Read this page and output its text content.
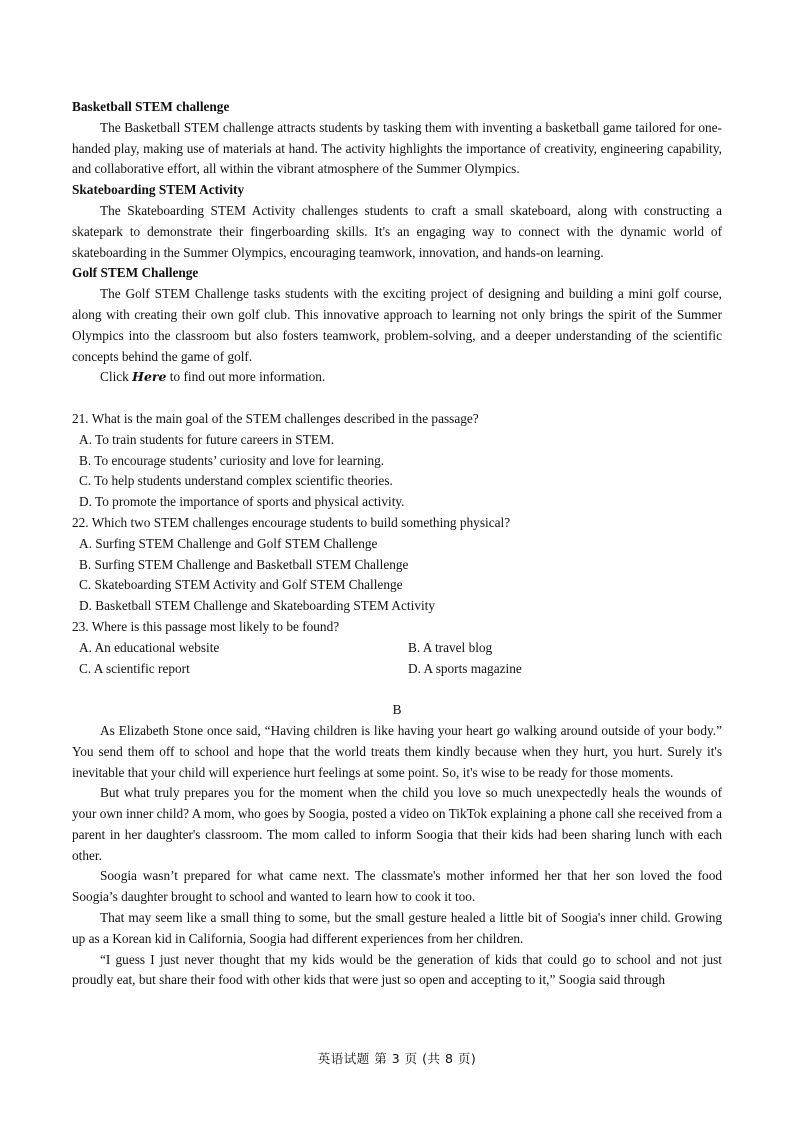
Basketball STEM challenge

The Basketball STEM challenge attracts students by tasking them with inventing a basketball game tailored for one-handed play, making use of materials at hand. The activity highlights the importance of creativity, engineering capability, and collaborative effort, all within the vibrant atmosphere of the Summer Olympics.

Skateboarding STEM Activity

The Skateboarding STEM Activity challenges students to craft a small skateboard, along with constructing a skatepark to demonstrate their fingerboarding skills. It's an engaging way to connect with the dynamic world of skateboarding in the Summer Olympics, encouraging teamwork, innovation, and hands-on learning.

Golf STEM Challenge

The Golf STEM Challenge tasks students with the exciting project of designing and building a mini golf course, along with creating their own golf club. This innovative approach to learning not only brings the spirit of the Summer Olympics into the classroom but also fosters teamwork, problem-solving, and a deeper understanding of the scientific concepts behind the game of golf.

Click Here to find out more information.

21. What is the main goal of the STEM challenges described in the passage?

A. To train students for future careers in STEM.

B. To encourage students’ curiosity and love for learning.

C. To help students understand complex scientific theories.

D. To promote the importance of sports and physical activity.

22. Which two STEM challenges encourage students to build something physical?

A. Surfing STEM Challenge and Golf STEM Challenge

B. Surfing STEM Challenge and Basketball STEM Challenge

C. Skateboarding STEM Activity and Golf STEM Challenge

D. Basketball STEM Challenge and Skateboarding STEM Activity

23. Where is this passage most likely to be found?

A. An educational website	B. A travel blog
C. A scientific report	D. A sports magazine

B

As Elizabeth Stone once said, “Having children is like having your heart go walking around outside of your body.” You send them off to school and hope that the world treats them kindly because when they hurt, you hurt. Surely it's inevitable that your child will experience hurt feelings at some point. So, it's wise to be ready for those moments.

But what truly prepares you for the moment when the child you love so much unexpectedly heals the wounds of your own inner child? A mom, who goes by Soogia, posted a video on TikTok explaining a phone call she received from a parent in her daughter's classroom. The mom called to inform Soogia that their kids had been sharing lunch with each other.

Soogia wasn’t prepared for what came next. The classmate's mother informed her that her son loved the food Soogia’s daughter brought to school and wanted to learn how to cook it too.

That may seem like a small thing to some, but the small gesture healed a little bit of Soogia's inner child. Growing up as a Korean kid in California, Soogia had different experiences from her children.

“I guess I just never thought that my kids would be the generation of kids that could go to school and not just proudly eat, but share their food with other kids that were just so open and accepting to it,” Soogia said through

英语试题 第 3 页 (共 8 页)
